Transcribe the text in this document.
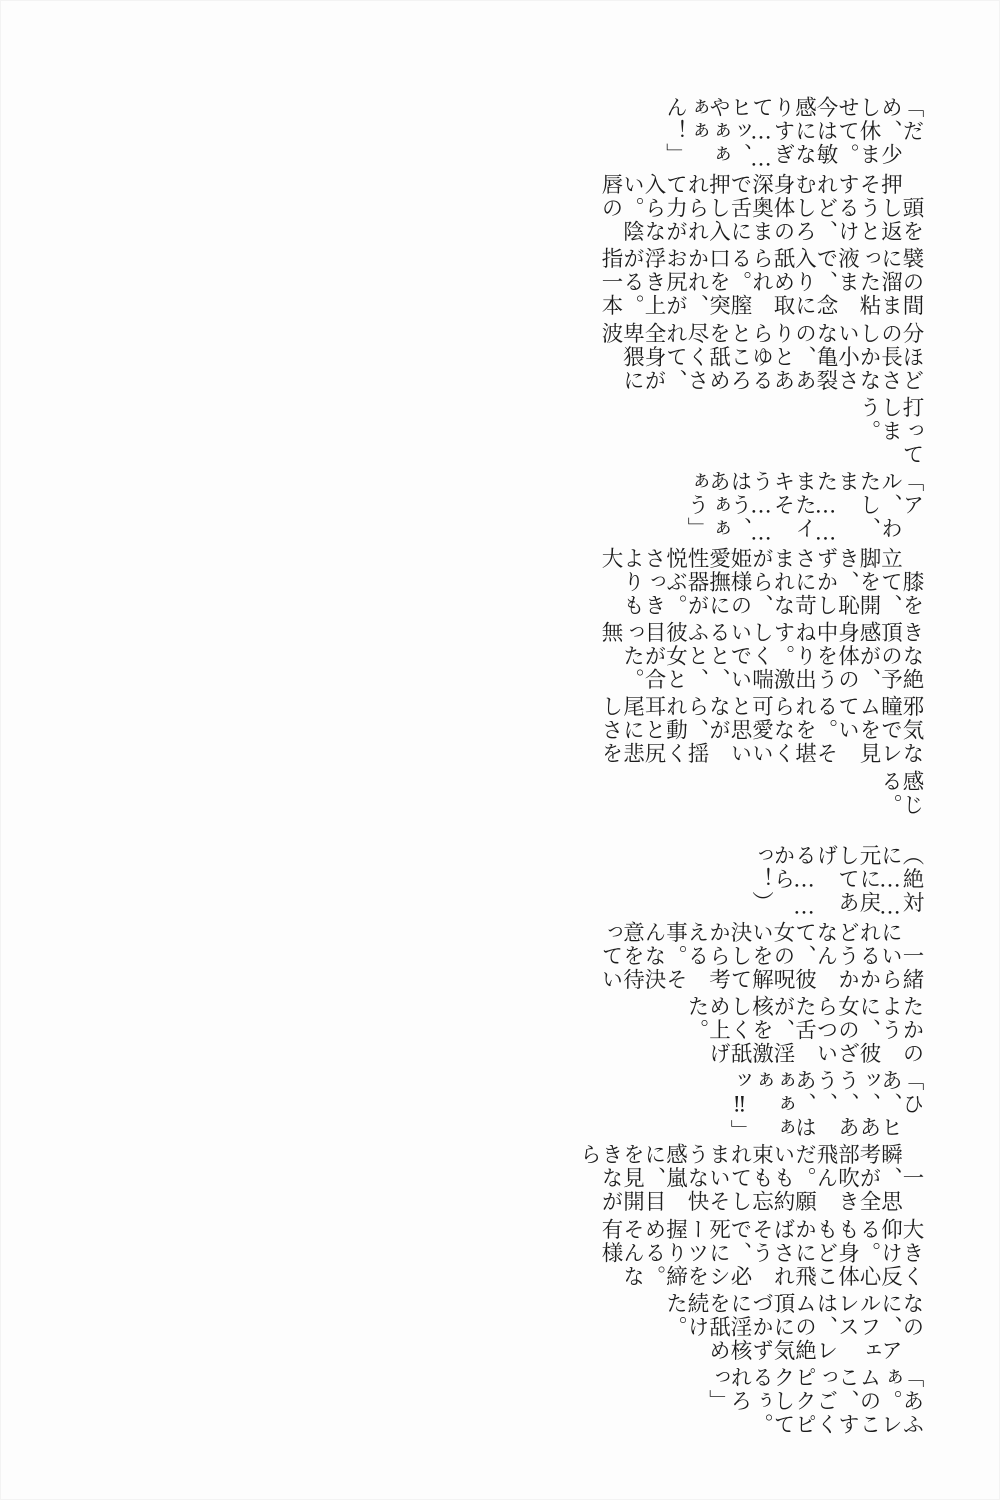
「だめ、少し休ませて。今は敏感になりすぎて……ヒッ、やぁぁぁぁん！」
　頭を押し返そうとするけれど、むしろ身体の深奥まで舌に押し入れられて力が入らない。陰唇の
襞の間に溜まった粘液まで、念入りに舐め取られる。膣口を突かれ、お尻が浮き上がる。指一本
分ほどの長さしかない小さな亀裂の、ありとあらゆるところを舐め尽くされて、全身が卑猥に波
打ってしまう。
「アル、わたし、また……またイキそう……はう、あぁぁぁう」
　膝を立て、脚を開き、恥ずかしさに苛まれながら、姫様の愛撫に性器が悦ぶ。さっきよりも大
きな絶頂の予感が、身体の中をうねり出す。激しく喘いでいると、ふと、彼女と目が合った。無
邪気な瞳でレムを見ている。それを堪らなく可愛いと思いながら、揺れ動く耳と尻尾に悲しさを
感じる。
（絶対に……元に戻してあげる……からっ！）
　一緒にいられるかどうかなんて、彼女の呪いを解決してから考える事。そんな決意を待ってい
たかのように、彼女のざらついた舌が、淫核を激しく舐め上げた。
「ひあ、ヒッ、あう、あう、あ、はぁぁぁぁッ‼」
　一瞬、思考が全部吹き飛んだ。願いも約束も忘れてしまいそうな快感嵐に、目を見開きながら
大きく仰け反る。心も身体もどこかに飛ばされそうで、必死にシーツを握り締める。そんな有様
なのに、アルフェレスは、レムの絶頂に気づかずに淫核を舐め続けた。
「あふぁ。レムのここ、すっごくピクピクしてるぅ。れろっ」
